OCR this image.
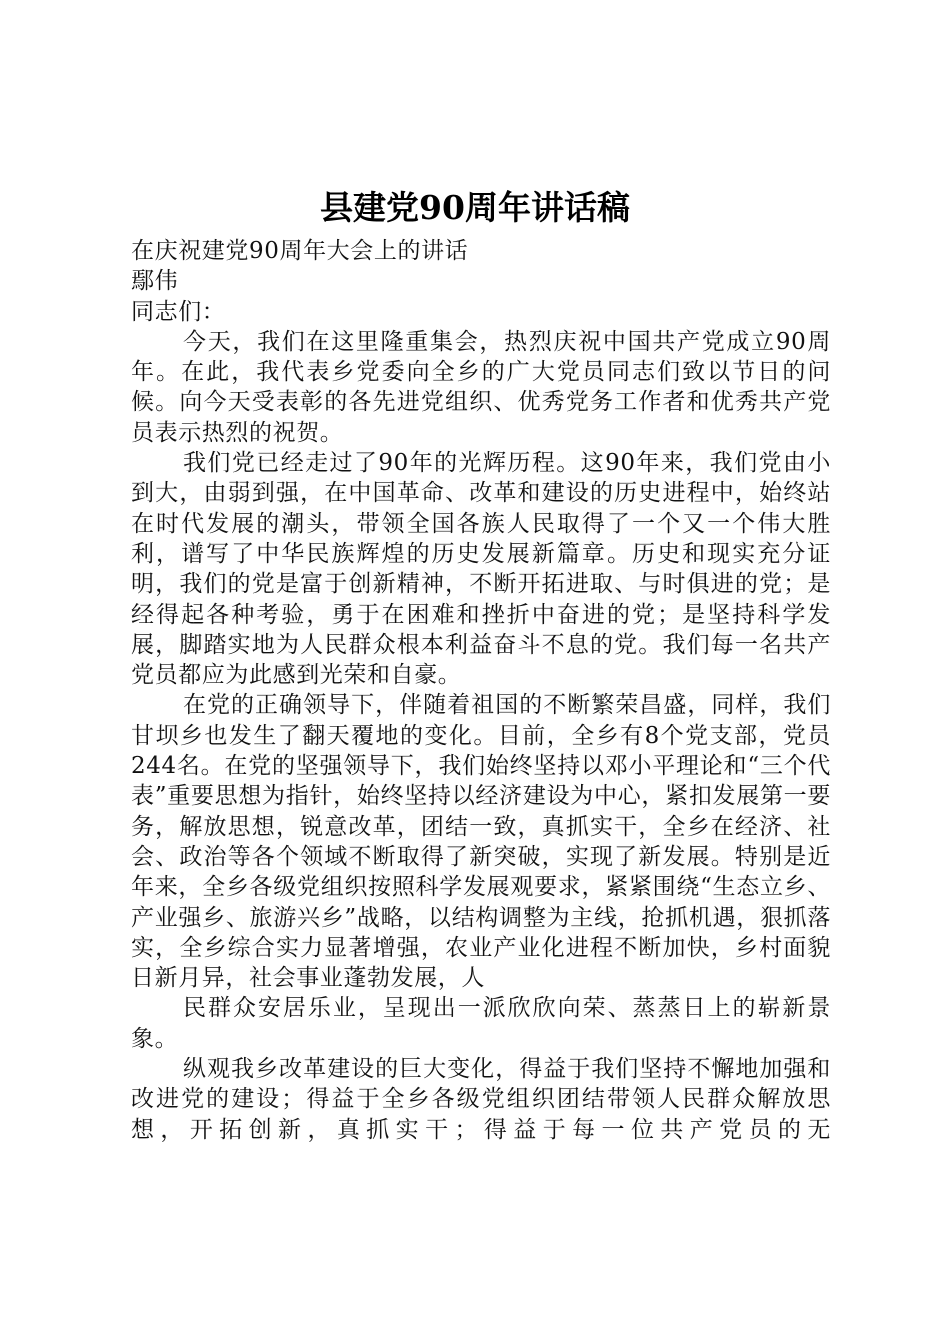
县建党90周年讲话稿

在庆祝建党90周年大会上的讲话

鄢伟

同志们：

今天，我们在这里隆重集会，热烈庆祝中国共产党成立90周年。在此，我代表乡党委向全乡的广大党员同志们致以节日的问候。向今天受表彰的各先进党组织、优秀党务工作者和优秀共产党员表示热烈的祝贺。

我们党已经走过了90年的光辉历程。这90年来，我们党由小到大，由弱到强，在中国革命、改革和建设的历史进程中，始终站在时代发展的潮头，带领全国各族人民取得了一个又一个伟大胜利，谱写了中华民族辉煌的历史发展新篇章。历史和现实充分证明，我们的党是富于创新精神，不断开拓进取、与时俱进的党；是经得起各种考验，勇于在困难和挫折中奋进的党；是坚持科学发展，脚踏实地为人民群众根本利益奋斗不息的党。我们每一名共产党员都应为此感到光荣和自豪。

在党的正确领导下，伴随着祖国的不断繁荣昌盛，同样，我们甘坝乡也发生了翻天覆地的变化。目前，全乡有8个党支部，党员244名。在党的坚强领导下，我们始终坚持以邓小平理论和“三个代表”重要思想为指针，始终坚持以经济建设为中心，紧扣发展第一要务，解放思想，锐意改革，团结一致，真抓实干，全乡在经济、社会、政治等各个领域不断取得了新突破，实现了新发展。特别是近年来，全乡各级党组织按照科学发展观要求，紧紧围绕“生态立乡、产业强乡、旅游兴乡”战略，以结构调整为主线，抢抓机遇，狠抓落实，全乡综合实力显著增强，农业产业化进程不断加快，乡村面貌日新月异，社会事业蓬勃发展，人

民群众安居乐业，呈现出一派欣欣向荣、蒸蒸日上的崭新景象。

纵观我乡改革建设的巨大变化，得益于我们坚持不懈地加强和改进党的建设；得益于全乡各级党组织团结带领人民群众解放思想，开拓创新，真抓实干；得益于每一位共产党员的无
